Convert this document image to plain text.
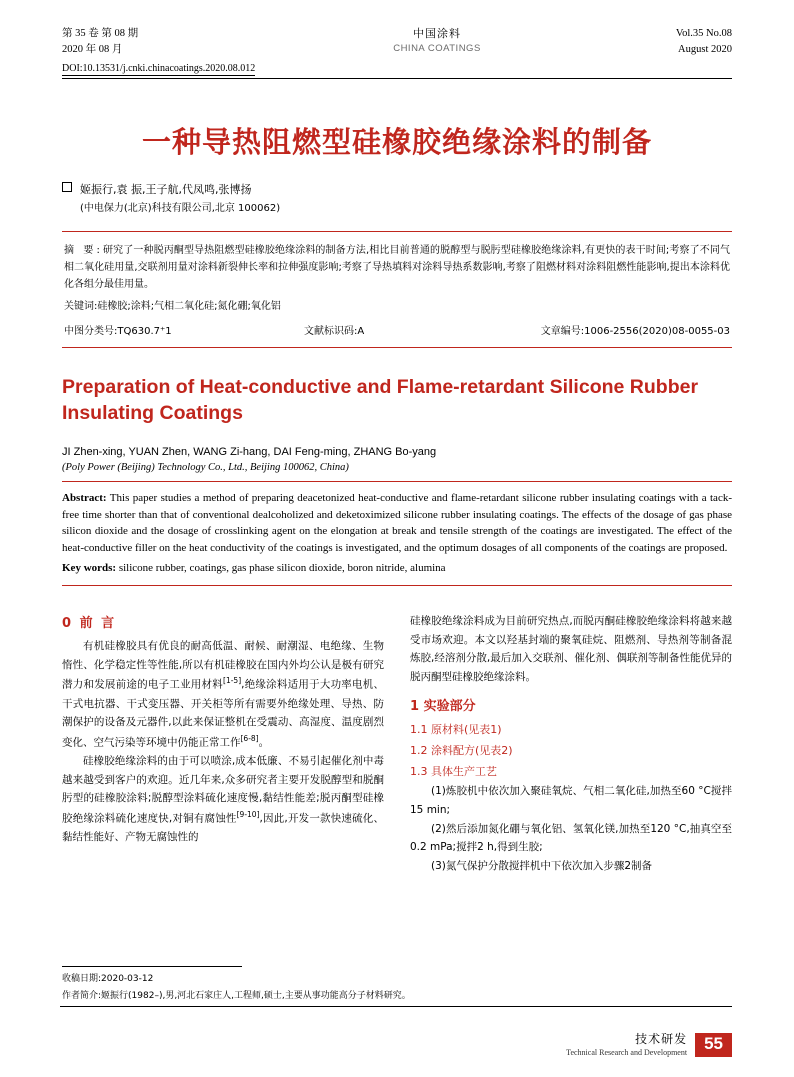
第 35 卷 第 08 期
2020 年 08 月
中国涂料
CHINA COATINGS
Vol.35 No.08
August 2020
DOI:10.13531/j.cnki.chinacoatings.2020.08.012
一种导热阻燃型硅橡胶绝缘涂料的制备
姬振行,袁 振,王子航,代凤鸣,张博扬
(中电保力(北京)科技有限公司,北京 100062)

摘 要:研究了一种脱丙酮型导热阻燃型硅橡胶绝缘涂料的制备方法,相比目前普通的脱醇型与脱肟型硅橡胶绝缘涂料,有更快的表干时间;考察了不同气相二氧化硅用量,交联剂用量对涂料新裂伸长率和拉伸强度影响;考察了导热填料对涂料导热系数影响,考察了阻燃材料对涂料阻燃性能影响,提出本涂料优化各组分最佳用量。

关键词:硅橡胶;涂料;气相二氧化硅;氮化硼;氧化铝

中图分类号:TQ630.7⁺1	文献标识码:A	文章编号:1006-2556(2020)08-0055-03
Preparation of Heat-conductive and Flame-retardant Silicone Rubber Insulating Coatings
JI Zhen-xing, YUAN Zhen, WANG Zi-hang, DAI Feng-ming, ZHANG Bo-yang
(Poly Power (Beijing) Technology Co., Ltd., Beijing 100062, China)
Abstract: This paper studies a method of preparing deacetonized heat-conductive and flame-retardant silicone rubber insulating coatings with a tack-free time shorter than that of conventional dealcoholized and deketoximized silicone rubber insulating coatings. The effects of the dosage of gas phase silicon dioxide and the dosage of crosslinking agent on the elongation at break and tensile strength of the coatings are investigated. The effect of the heat-conductive filler on the heat conductivity of the coatings is investigated, and the optimum dosages of all components of the coatings are proposed.
Key words: silicone rubber, coatings, gas phase silicon dioxide, boron nitride, alumina
0 前 言

有机硅橡胶具有优良的耐高低温、耐候、耐潮湿、电绝缘、生物惰性、化学稳定性等性能,所以有机硅橡胶在国内外均公认是极有研究潜力和发展前途的电子工业用材料[1-5],绝缘涂料适用于大功率电机、干式电抗器、干式变压器、开关柜等所有需要外绝缘处理、导热、防潮保护的设备及元器件,以此来保证整机在受震动、高湿度、温度剧烈变化、空气污染等环境中仍能正常工作[6-8]。

硅橡胶绝缘涂料的由于可以喷涂,成本低廉、不易引起催化剂中毒越来越受到客户的欢迎。近几年来,众多研究者主要开发脱醇型和脱酮肟型的硅橡胶涂料;脱醇型涂料硫化速度慢,黏结性能差;脱丙酮型硅橡胶绝缘涂料硫化速度快,对铜有腐蚀性[9-10],因此,开发一款快速硫化、黏结性能好、产物无腐蚀性的

硅橡胶绝缘涂料成为目前研究热点,而脱丙酮硅橡胶绝缘涂料将越来越受市场欢迎。本文以羟基封端的聚氧硅烷、阻燃剂、导热剂等制备混炼胶,经溶剂分散,最后加入交联剂、催化剂、偶联剂等制备性能优异的脱丙酮型硅橡胶绝缘涂料。

1 实验部分
1.1 原材料(见表1)
1.2 涂料配方(见表2)
1.3 具体生产工艺

(1)炼胶机中依次加入聚硅氧烷、气相二氧化硅,加热至60 °C搅拌15 min;

(2)然后添加氮化硼与氧化铝、氢氧化镁,加热至120 °C,抽真空至0.2 mPa;搅拌2 h,得到生胶;

(3)氮气保护分散搅拌机中下依次加入步骤2制备

收稿日期:2020-03-12
作者简介:姬振行(1982–),男,河北石家庄人,工程师,硕士,主要从事功能高分子材料研究。
技术研发
Technical Research and Development	55
